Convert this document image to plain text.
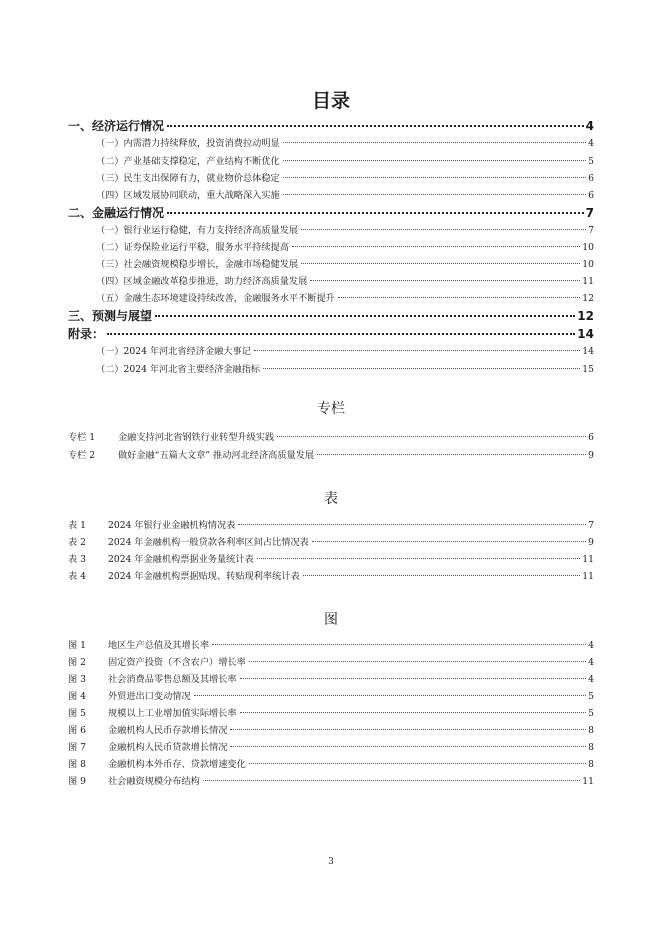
目录
一、经济运行情况	4
（一）内需潜力持续释放，投资消费拉动明显	4
（二）产业基础支撑稳定，产业结构不断优化	5
（三）民生支出保障有力，就业物价总体稳定	6
（四）区域发展协同联动，重大战略深入实施	6
二、金融运行情况	7
（一）银行业运行稳健，有力支持经济高质量发展	7
（二）证券保险业运行平稳，服务水平持续提高	10
（三）社会融资规模稳步增长，金融市场稳健发展	10
（四）区域金融改革稳步推进，助力经济高质量发展	11
（五）金融生态环境建设持续改善，金融服务水平不断提升	12
三、预测与展望	12
附录：	14
（一）2024 年河北省经济金融大事记	14
（二）2024 年河北省主要经济金融指标	15
专栏
专栏 1 金融支持河北省钢铁行业转型升级实践	6
专栏 2 做好金融“五篇大文章” 推动河北经济高质量发展	9
表
表 1 2024 年银行业金融机构情况表	7
表 2 2024 年金融机构一般贷款各利率区间占比情况表	9
表 3 2024 年金融机构票据业务量统计表	11
表 4 2024 年金融机构票据贴现、转贴现利率统计表	11
图
图 1 地区生产总值及其增长率	4
图 2 固定资产投资（不含农户）增长率	4
图 3 社会消费品零售总额及其增长率	4
图 4 外贸进出口变动情况	5
图 5 规模以上工业增加值实际增长率	5
图 6 金融机构人民币存款增长情况	8
图 7 金融机构人民币贷款增长情况	8
图 8 金融机构本外币存、贷款增速变化	8
图 9 社会融资规模分布结构	11
3
